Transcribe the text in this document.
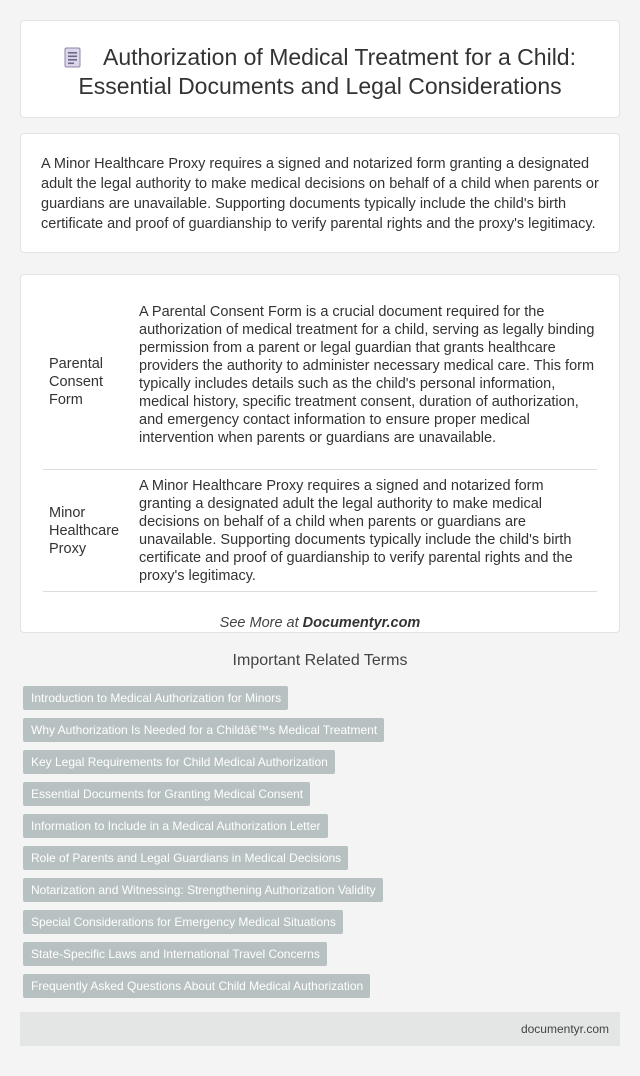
Authorization of Medical Treatment for a Child: Essential Documents and Legal Considerations

A Minor Healthcare Proxy requires a signed and notarized form granting a designated adult the legal authority to make medical decisions on behalf of a child when parents or guardians are unavailable. Supporting documents typically include the child's birth certificate and proof of guardianship to verify parental rights and the proxy's legitimacy.

Parental Consent Form
A Parental Consent Form is a crucial document required for the authorization of medical treatment for a child, serving as legally binding permission from a parent or legal guardian that grants healthcare providers the authority to administer necessary medical care. This form typically includes details such as the child's personal information, medical history, specific treatment consent, duration of authorization, and emergency contact information to ensure proper medical intervention when parents or guardians are unavailable.
Minor Healthcare Proxy
A Minor Healthcare Proxy requires a signed and notarized form granting a designated adult the legal authority to make medical decisions on behalf of a child when parents or guardians are unavailable. Supporting documents typically include the child's birth certificate and proof of guardianship to verify parental rights and the proxy's legitimacy.
See More at Documentyr.com
Important Related Terms
Introduction to Medical Authorization for Minors
Why Authorization Is Needed for a Childâ€™s Medical Treatment
Key Legal Requirements for Child Medical Authorization
Essential Documents for Granting Medical Consent
Information to Include in a Medical Authorization Letter
Role of Parents and Legal Guardians in Medical Decisions
Notarization and Witnessing: Strengthening Authorization Validity
Special Considerations for Emergency Medical Situations
State-Specific Laws and International Travel Concerns
Frequently Asked Questions About Child Medical Authorization
documentyr.com
